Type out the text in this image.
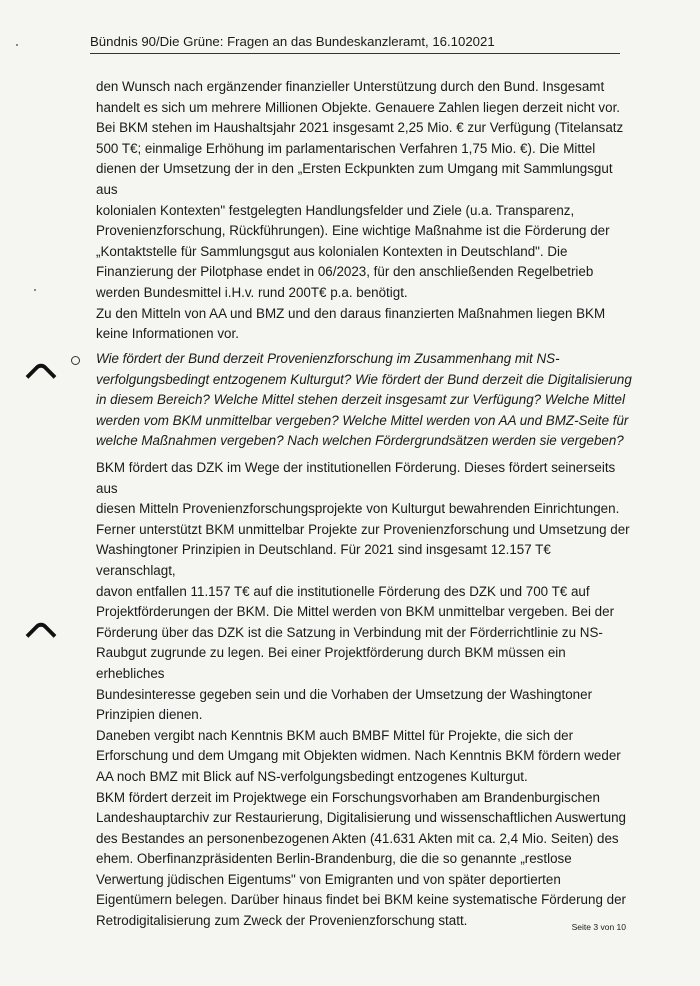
Bündnis 90/Die Grüne: Fragen an das Bundeskanzleramt, 16.102021

den Wunsch nach ergänzender finanzieller Unterstützung durch den Bund. Insgesamt

handelt es sich um mehrere Millionen Objekte. Genauere Zahlen liegen derzeit nicht vor.

Bei BKM stehen im Haushaltsjahr 2021 insgesamt 2,25 Mio. € zur Verfügung (Titelansatz

500 T€; einmalige Erhöhung im parlamentarischen Verfahren 1,75 Mio. €). Die Mittel

dienen der Umsetzung der in den „Ersten Eckpunkten zum Umgang mit Sammlungsgut aus

kolonialen Kontexten" festgelegten Handlungsfelder und Ziele (u.a. Transparenz,

Provenienzforschung, Rückführungen). Eine wichtige Maßnahme ist die Förderung der

„Kontaktstelle für Sammlungsgut aus kolonialen Kontexten in Deutschland". Die

Finanzierung der Pilotphase endet in 06/2023, für den anschließenden Regelbetrieb

werden Bundesmittel i.H.v. rund 200T€ p.a. benötigt.

Zu den Mitteln von AA und BMZ und den daraus finanzierten Maßnahmen liegen BKM

keine Informationen vor.

Wie fördert der Bund derzeit Provenienzforschung im Zusammenhang mit NS-

verfolgungsbedingt entzogenem Kulturgut? Wie fördert der Bund derzeit die Digitalisierung

in diesem Bereich? Welche Mittel stehen derzeit insgesamt zur Verfügung? Welche Mittel

werden vom BKM unmittelbar vergeben? Welche Mittel werden von AA und BMZ-Seite für

welche Maßnahmen vergeben? Nach welchen Fördergrundsätzen werden sie vergeben?

BKM fördert das DZK im Wege der institutionellen Förderung. Dieses fördert seinerseits aus

diesen Mitteln Provenienzforschungsprojekte von Kulturgut bewahrenden Einrichtungen.

Ferner unterstützt BKM unmittelbar Projekte zur Provenienzforschung und Umsetzung der

Washingtoner Prinzipien in Deutschland. Für 2021 sind insgesamt 12.157 T€ veranschlagt,

davon entfallen 11.157 T€ auf die institutionelle Förderung des DZK und 700 T€ auf

Projektförderungen der BKM. Die Mittel werden von BKM unmittelbar vergeben. Bei der

Förderung über das DZK ist die Satzung in Verbindung mit der Förderrichtlinie zu NS-

Raubgut zugrunde zu legen. Bei einer Projektförderung durch BKM müssen ein erhebliches

Bundesinteresse gegeben sein und die Vorhaben der Umsetzung der Washingtoner

Prinzipien dienen.

Daneben vergibt nach Kenntnis BKM auch BMBF Mittel für Projekte, die sich der

Erforschung und dem Umgang mit Objekten widmen. Nach Kenntnis BKM fördern weder

AA noch BMZ mit Blick auf NS-verfolgungsbedingt entzogenes Kulturgut.

BKM fördert derzeit im Projektwege ein Forschungsvorhaben am Brandenburgischen

Landeshauptarchiv zur Restaurierung, Digitalisierung und wissenschaftlichen Auswertung

des Bestandes an personenbezogenen Akten (41.631 Akten mit ca. 2,4 Mio. Seiten) des

ehem. Oberfinanzpräsidenten Berlin-Brandenburg, die die so genannte „restlose

Verwertung jüdischen Eigentums" von Emigranten und von später deportierten

Eigentümern belegen. Darüber hinaus findet bei BKM keine systematische Förderung der

Retrodigitalisierung zum Zweck der Provenienzforschung statt.	Seite 3 von 10
